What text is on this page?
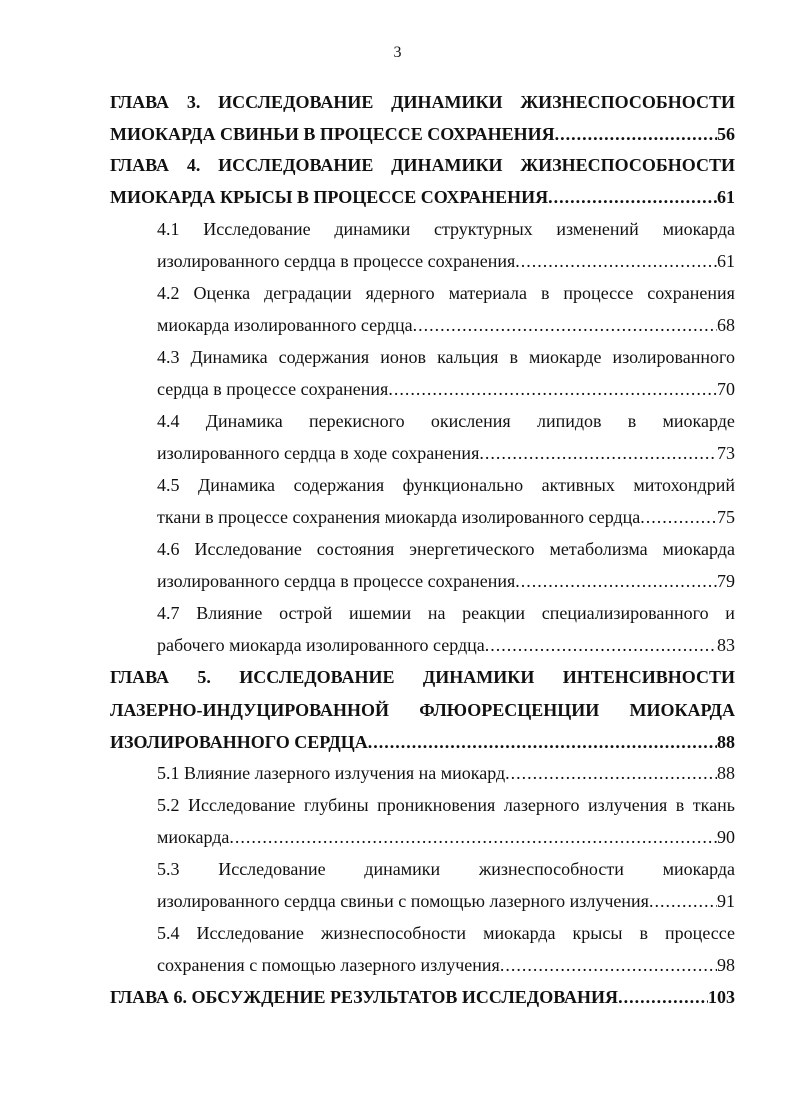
3
ГЛАВА 3. ИССЛЕДОВАНИЕ ДИНАМИКИ ЖИЗНЕСПОСОБНОСТИ
МИОКАРДА СВИНЬИ В ПРОЦЕССЕ СОХРАНЕНИЯ .....	56
ГЛАВА 4. ИССЛЕДОВАНИЕ ДИНАМИКИ ЖИЗНЕСПОСОБНОСТИ
МИОКАРДА КРЫСЫ В ПРОЦЕССЕ СОХРАНЕНИЯ .....	61
4.1 Исследование динамики структурных изменений миокарда
изолированного сердца в процессе сохранения .....	61
4.2 Оценка деградации ядерного материала в процессе сохранения
миокарда изолированного сердца .....	68
4.3 Динамика содержания ионов кальция в миокарде изолированного
сердца в процессе сохранения .....	70
4.4 Динамика перекисного окисления липидов в миокарде
изолированного сердца в ходе сохранения .....	73
4.5 Динамика содержания функционально активных митохондрий
ткани в процессе сохранения миокарда изолированного сердца .....	75
4.6 Исследование состояния энергетического метаболизма миокарда
изолированного сердца в процессе сохранения .....	79
4.7 Влияние острой ишемии на реакции специализированного и
рабочего миокарда изолированного сердца .....	83
ГЛАВА 5. ИССЛЕДОВАНИЕ ДИНАМИКИ ИНТЕНСИВНОСТИ
ЛАЗЕРНО-ИНДУЦИРОВАННОЙ ФЛЮОРЕСЦЕНЦИИ МИОКАРДА
ИЗОЛИРОВАННОГО СЕРДЦА .....	88
5.1 Влияние лазерного излучения на миокард .....	88
5.2 Исследование глубины проникновения лазерного излучения в ткань
миокарда .....	90
5.3 Исследование динамики жизнеспособности миокарда
изолированного сердца свиньи с помощью лазерного излучения .....	91
5.4 Исследование жизнеспособности миокарда крысы в процессе
сохранения с помощью лазерного излучения .....	98
ГЛАВА 6. ОБСУЖДЕНИЕ РЕЗУЛЬТАТОВ ИССЛЕДОВАНИЯ .....	103
